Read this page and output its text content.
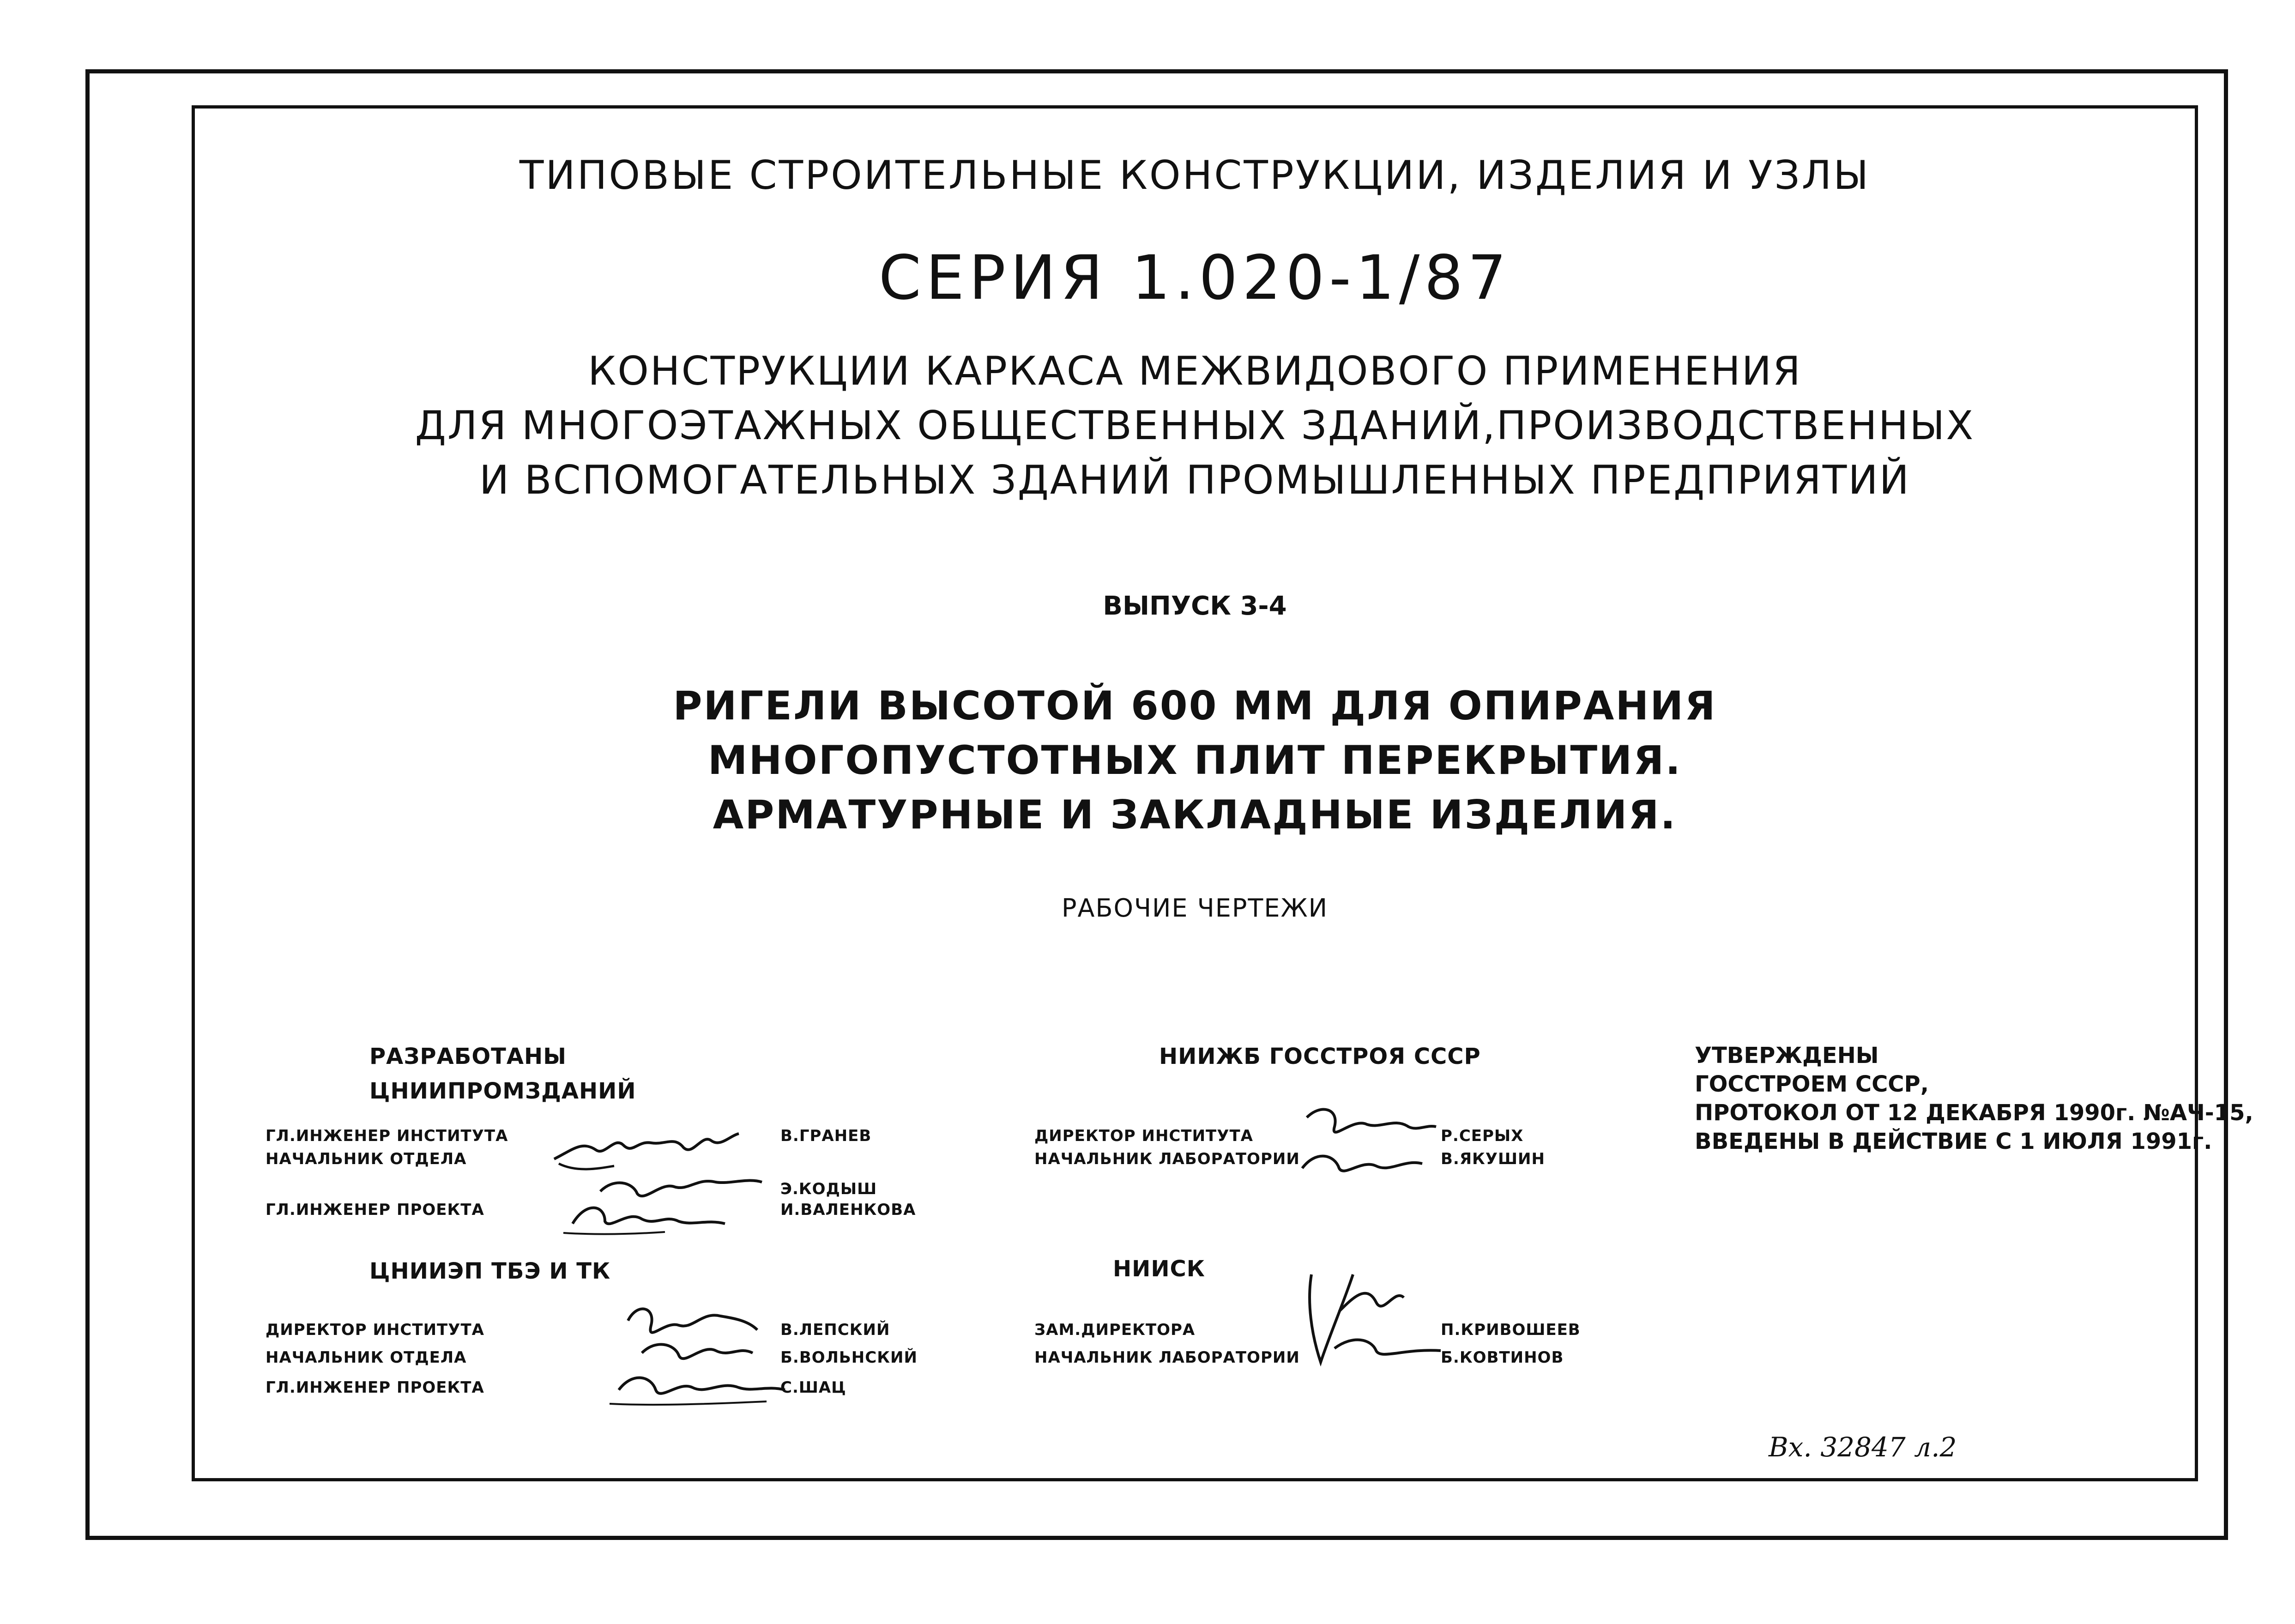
ТИПОВЫЕ СТРОИТЕЛЬНЫЕ КОНСТРУКЦИИ, ИЗДЕЛИЯ И УЗЛЫ
СЕРИЯ 1.020-1/87
КОНСТРУКЦИИ КАРКАСА МЕЖВИДОВОГО ПРИМЕНЕНИЯ
ДЛЯ МНОГОЭТАЖНЫХ ОБЩЕСТВЕННЫХ ЗДАНИЙ,ПРОИЗВОДСТВЕННЫХ
И ВСПОМОГАТЕЛЬНЫХ ЗДАНИЙ ПРОМЫШЛЕННЫХ ПРЕДПРИЯТИЙ
ВЫПУСК 3-4
РИГЕЛИ ВЫСОТОЙ 600 ММ ДЛЯ ОПИРАНИЯ
МНОГОПУСТОТНЫХ ПЛИТ ПЕРЕКРЫТИЯ.
АРМАТУРНЫЕ И ЗАКЛАДНЫЕ ИЗДЕЛИЯ.
РАБОЧИЕ ЧЕРТЕЖИ
РАЗРАБОТАНЫ
ЦНИИПРОМЗДАНИЙ
ГЛ.ИНЖЕНЕР ИНСТИТУТА
НАЧАЛЬНИК ОТДЕЛА
ГЛ.ИНЖЕНЕР ПРОЕКТА
В.ГРАНЕВ
Э.КОДЫШ
И.ВАЛЕНКОВА
ЦНИИЭП ТБЭ И ТК
ДИРЕКТОР ИНСТИТУТА
НАЧАЛЬНИК ОТДЕЛА
ГЛ.ИНЖЕНЕР ПРОЕКТА
В.ЛЕПСКИЙ
Б.ВОЛЬНСКИЙ
С.ШАЦ
НИИЖБ ГОССТРОЯ СССР
ДИРЕКТОР ИНСТИТУТА
НАЧАЛЬНИК ЛАБОРАТОРИИ
Р.СЕРЫХ
В.ЯКУШИН
НИИСК
ЗАМ.ДИРЕКТОРА
НАЧАЛЬНИК ЛАБОРАТОРИИ
П.КРИВОШЕЕВ
Б.КОВТИНОВ
УТВЕРЖДЕНЫ
ГОССТРОЕМ СССР,
ПРОТОКОЛ ОТ 12 ДЕКАБРЯ 1990г. №АЧ-15,
ВВЕДЕНЫ В ДЕЙСТВИЕ С 1 ИЮЛЯ 1991г.
Вх. 32847 л.2
